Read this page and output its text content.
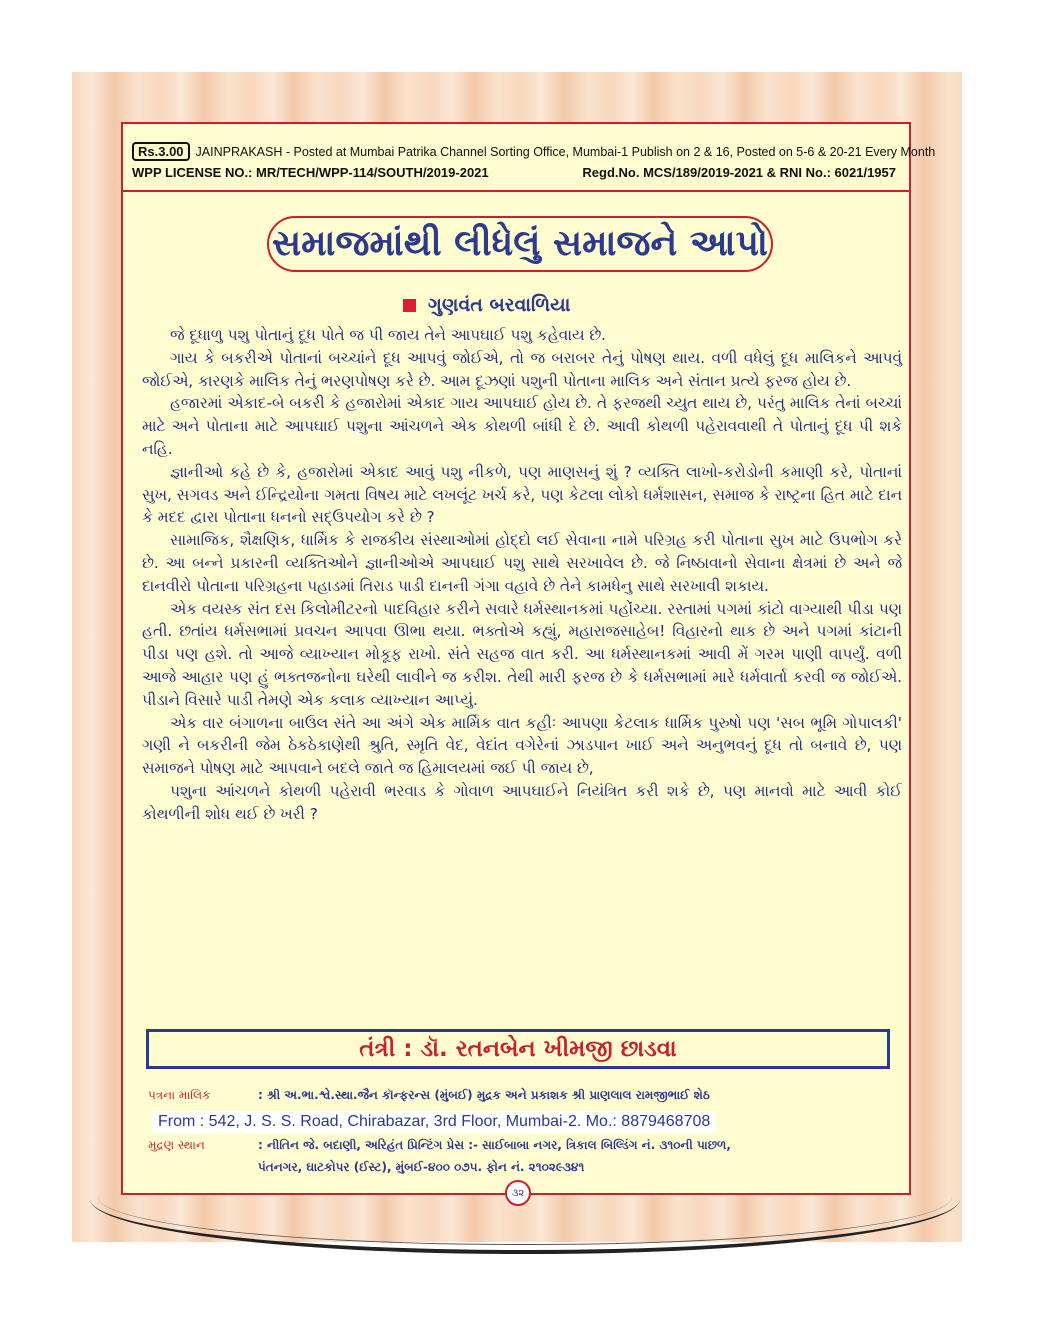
Rs.3.00 JAINPRAKASH - Posted at Mumbai Patrika Channel Sorting Office, Mumbai-1 Publish on 2 & 16, Posted on 5-6 & 20-21 Every Month
WPP LICENSE NO.: MR/TECH/WPP-114/SOUTH/2019-2021	Regd.No. MCS/189/2019-2021 & RNI No.: 6021/1957
સમાજમાંથી લીધેલું સમાજને આપો
ગુણવંત બરવાળિયા

જે દૂધાળુ પશુ પોતાનું દૂધ પોતે જ પી જાય તેને આપઘાઈ પશુ કહેવાય છે.

ગાય કે બકરીએ પોતાનાં બચ્ચાંને દૂધ આપવું જોઈએ, તો જ બરાબર તેનું પોષણ થાય. વળી વધેલું દૂધ માલિકને આપવું જોઈએ, કારણકે માલિક તેનું ભરણપોષણ કરે છે. આમ દૂઝણાં પશુની પોતાના માલિક અને સંતાન પ્રત્યે ફરજ હોય છે.

હજારમાં એકાદ-બે બકરી કે હજારોમાં એકાદ ગાય આપઘાઈ હોય છે. તે ફરજથી ચ્યુત થાય છે, પરંતુ માલિક તેનાં બચ્ચાં માટે અને પોતાના માટે આપઘાઈ પશુના આંચળને એક કોથળી બાંધી દે છે. આવી કોથળી પહેરાવવાથી તે પોતાનું દૂધ પી શકે નહિ.

જ્ઞાનીઓ કહે છે કે, હજારોમાં એકાદ આવું પશુ નીકળે, પણ માણસનું શું ? વ્યક્તિ લાખો-કરોડોની કમાણી કરે, પોતાનાં સુખ, સગવડ અને ઈન્દ્રિયોના ગમતા વિષય માટે લખલૂંટ ખર્ચ કરે, પણ કેટલા લોકો ધર્મશાસન, સમાજ કે રાષ્ટ્રના હિત માટે દાન કે મદદ દ્વારા પોતાના ધનનો સદ્ઉપયોગ કરે છે ?

સામાજિક, શૈક્ષણિક, ધાર્મિક કે રાજકીય સંસ્થાઓમાં હોદ્દો લઈ સેવાના નામે પરિગ્રહ કરી પોતાના સુખ માટે ઉપભોગ કરે છે. આ બન્ને પ્રકારની વ્યક્તિઓને જ્ઞાનીઓએ આપઘાઈ પશુ સાથે સરખાવેલ છે. જે નિષ્ઠાવાનો સેવાના ક્ષેત્રમાં છે અને જે દાનવીરો પોતાના પરિગ્રહના પહાડમાં તિરાડ પાડી દાનની ગંગા વહાવે છે તેને કામધેનુ સાથે સરખાવી શકાય.

એક વયસ્ક સંત દસ કિલોમીટરનો પાદવિહાર કરીને સવારે ધર્મસ્થાનકમાં પહોંચ્યા. રસ્તામાં પગમાં કાંટો વાગ્યાથી પીડા પણ હતી. છતાંય ધર્મસભામાં પ્રવચન આપવા ઊભા થયા. ભક્તોએ કહ્યું, મહારાજસાહેબ! વિહારનો થાક છે અને પગમાં કાંટાની પીડા પણ હશે. તો આજે વ્યાખ્યાન મોકૂફ રાખો. સંતે સહજ વાત કરી. આ ધર્મસ્થાનકમાં આવી મેં ગરમ પાણી વાપર્યું. વળી આજે આહાર પણ હું ભક્તજનોના ઘરેથી લાવીને જ કરીશ. તેથી મારી ફરજ છે કે ધર્મસભામાં મારે ધર્મવાર્તા કરવી જ જોઈએ. પીડાને વિસારે પાડી તેમણે એક કલાક વ્યાખ્યાન આપ્યું.

એક વાર બંગાળના બાઉલ સંતે આ અંગે એક માર્મિક વાત કહીઃ આપણા કેટલાક ધાર્મિક પુરુષો પણ 'સબ ભૂમિ ગોપાલકી' ગણી ને બકરીની જેમ ઠેકઠેકાણેથી શ્રુતિ, સ્મૃતિ વેદ, વેદાંત વગેરેનાં ઝાડપાન ખાઈ અને અનુભવનું દૂધ તો બનાવે છે, પણ સમાજને પોષણ માટે આપવાને બદલે જાતે જ હિમાલયમાં જઈ પી જાય છે,

પશુના આંચળને કોથળી પહેરાવી ભરવાડ કે ગોવાળ આપઘાઈને નિયંત્રિત કરી શકે છે, પણ માનવો માટે આવી કોઈ કોથળીની શોધ થઈ છે ખરી ?

તંત્રી : ડૉ. રતનબેન ખીમજી છાડવા
પત્રના માલિક	: શ્રી અ.ભા.શ્વે.સ્થા.જૈન કૉન્ફરન્સ (મુંબઈ) મુદ્રક અને પ્રકાશક શ્રી પ્રાણલાલ રામજીભાઈ શેઠ
From : 542, J. S. S. Road, Chirabazar, 3rd Floor, Mumbai-2. Mo.: 8879468708
મુદ્રણ સ્થાન	: નીતિન જે. બદાણી, અરિહંત પ્રિન્ટિંગ પ્રેસ :- સાઈબાબા નગર, ત્રિકાલ બિલ્ડિંગ નં. ૩૧૦ની પાછળ,
પંતનગર, ઘાટકોપર (ઈસ્ટ), મુંબઈ-૪૦૦ ૦૭૫. ફોન નં. ૨૧૦૨૯૩૪૧
૩૨
